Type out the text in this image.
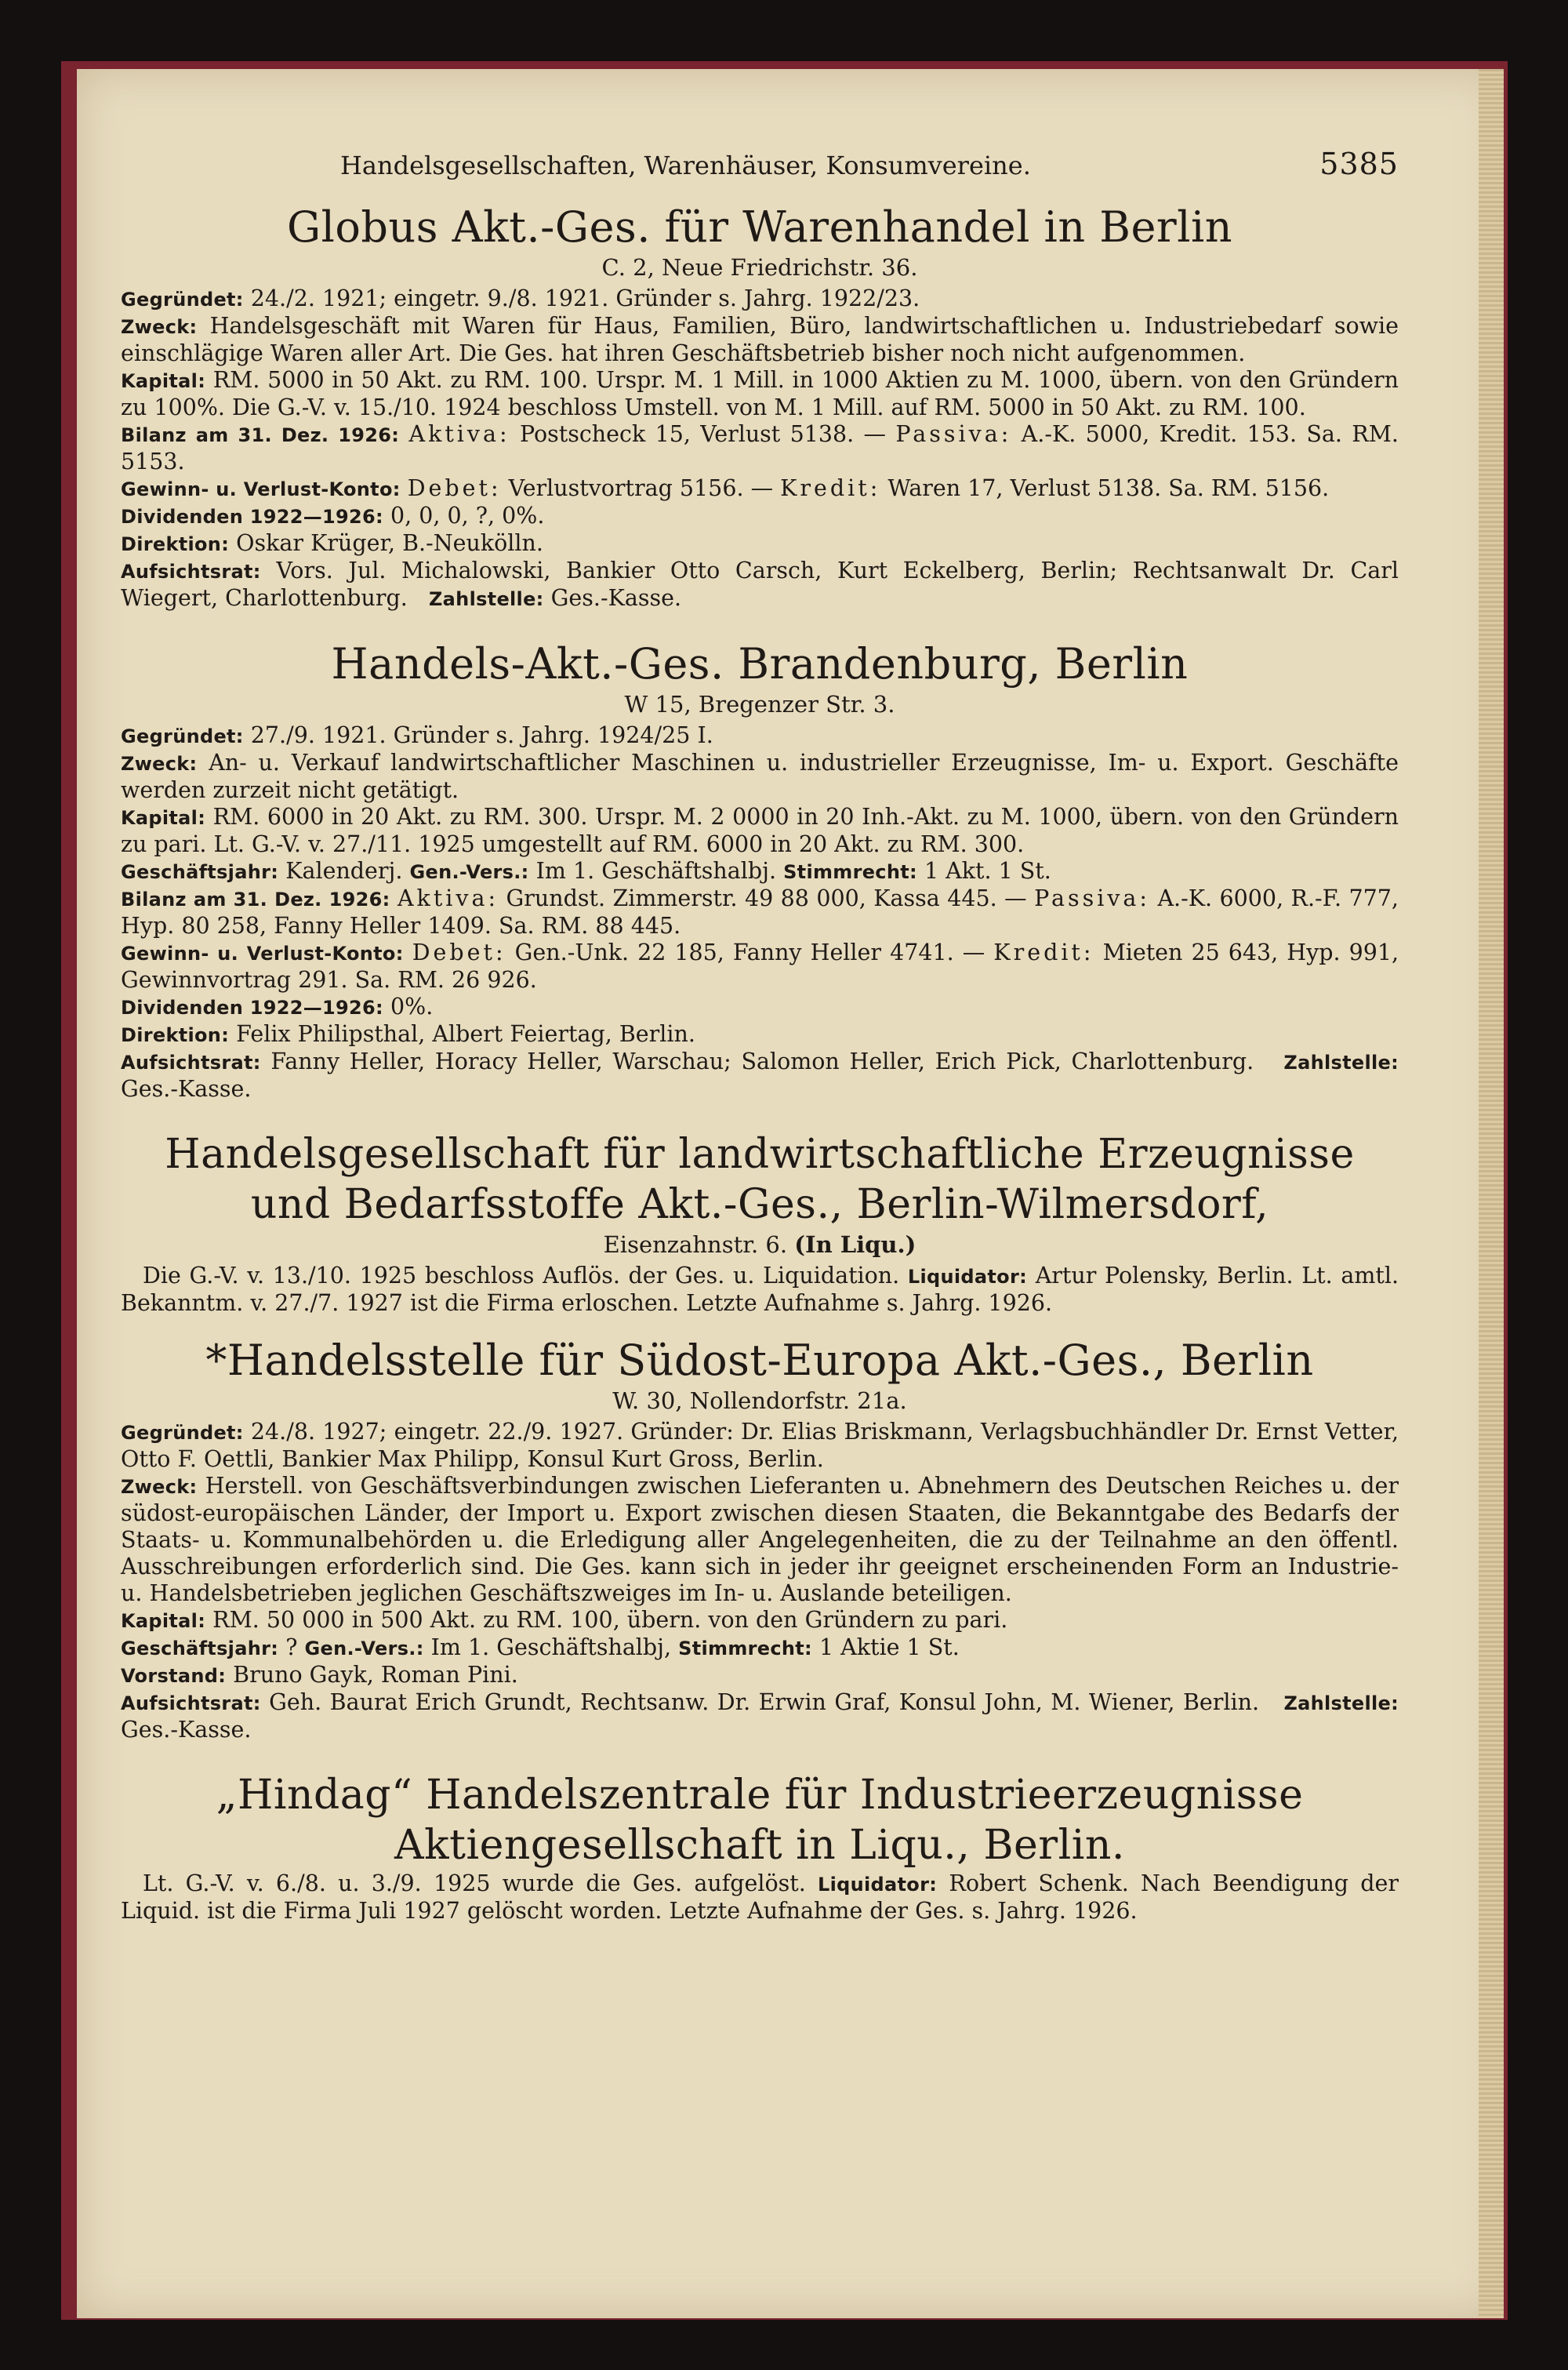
Handelsgesellschaften, Warenhäuser, Konsumvereine.	5385
Globus Akt.-Ges. für Warenhandel in Berlin
C. 2, Neue Friedrichstr. 36.

Gegründet: 24./2. 1921; eingetr. 9./8. 1921. Gründer s. Jahrg. 1922/23.

Zweck: Handelsgeschäft mit Waren für Haus, Familien, Büro, landwirtschaftlichen u. Industriebedarf sowie einschlägige Waren aller Art. Die Ges. hat ihren Geschäftsbetrieb bisher noch nicht aufgenommen.

Kapital: RM. 5000 in 50 Akt. zu RM. 100. Urspr. M. 1 Mill. in 1000 Aktien zu M. 1000, übern. von den Gründern zu 100%. Die G.-V. v. 15./10. 1924 beschloss Umstell. von M. 1 Mill. auf RM. 5000 in 50 Akt. zu RM. 100.

Bilanz am 31. Dez. 1926: Aktiva: Postscheck 15, Verlust 5138. — Passiva: A.-K. 5000, Kredit. 153. Sa. RM. 5153.

Gewinn- u. Verlust-Konto: Debet: Verlustvortrag 5156. — Kredit: Waren 17, Verlust 5138. Sa. RM. 5156.

Dividenden 1922—1926: 0, 0, 0, ?, 0%.

Direktion: Oskar Krüger, B.-Neukölln.

Aufsichtsrat: Vors. Jul. Michalowski, Bankier Otto Carsch, Kurt Eckelberg, Berlin; Rechtsanwalt Dr. Carl Wiegert, Charlottenburg. Zahlstelle: Ges.-Kasse.

Handels-Akt.-Ges. Brandenburg, Berlin
W 15, Bregenzer Str. 3.

Gegründet: 27./9. 1921. Gründer s. Jahrg. 1924/25 I.

Zweck: An- u. Verkauf landwirtschaftlicher Maschinen u. industrieller Erzeugnisse, Im- u. Export. Geschäfte werden zurzeit nicht getätigt.

Kapital: RM. 6000 in 20 Akt. zu RM. 300. Urspr. M. 2 0000 in 20 Inh.-Akt. zu M. 1000, übern. von den Gründern zu pari. Lt. G.-V. v. 27./11. 1925 umgestellt auf RM. 6000 in 20 Akt. zu RM. 300.

Geschäftsjahr: Kalenderj. Gen.-Vers.: Im 1. Geschäftshalbj. Stimmrecht: 1 Akt. 1 St.

Bilanz am 31. Dez. 1926: Aktiva: Grundst. Zimmerstr. 49 88 000, Kassa 445. — Passiva: A.-K. 6000, R.-F. 777, Hyp. 80 258, Fanny Heller 1409. Sa. RM. 88 445.

Gewinn- u. Verlust-Konto: Debet: Gen.-Unk. 22 185, Fanny Heller 4741. — Kredit: Mieten 25 643, Hyp. 991, Gewinnvortrag 291. Sa. RM. 26 926.

Dividenden 1922—1926: 0%.

Direktion: Felix Philipsthal, Albert Feiertag, Berlin.

Aufsichtsrat: Fanny Heller, Horacy Heller, Warschau; Salomon Heller, Erich Pick, Charlottenburg. Zahlstelle: Ges.-Kasse.

Handelsgesellschaft für landwirtschaftliche Erzeugnisse
und Bedarfsstoffe Akt.-Ges., Berlin-Wilmersdorf,
Eisenzahnstr. 6. (In Liqu.)

Die G.-V. v. 13./10. 1925 beschloss Auflös. der Ges. u. Liquidation. Liquidator: Artur Polensky, Berlin. Lt. amtl. Bekanntm. v. 27./7. 1927 ist die Firma erloschen. Letzte Aufnahme s. Jahrg. 1926.

*Handelsstelle für Südost-Europa Akt.-Ges., Berlin
W. 30, Nollendorfstr. 21a.

Gegründet: 24./8. 1927; eingetr. 22./9. 1927. Gründer: Dr. Elias Briskmann, Verlagsbuchhändler Dr. Ernst Vetter, Otto F. Oettli, Bankier Max Philipp, Konsul Kurt Gross, Berlin.

Zweck: Herstell. von Geschäftsverbindungen zwischen Lieferanten u. Abnehmern des Deutschen Reiches u. der südost-europäischen Länder, der Import u. Export zwischen diesen Staaten, die Bekanntgabe des Bedarfs der Staats- u. Kommunalbehörden u. die Erledigung aller Angelegenheiten, die zu der Teilnahme an den öffentl. Ausschreibungen erforderlich sind. Die Ges. kann sich in jeder ihr geeignet erscheinenden Form an Industrie- u. Handelsbetrieben jeglichen Geschäftszweiges im In- u. Auslande beteiligen.

Kapital: RM. 50 000 in 500 Akt. zu RM. 100, übern. von den Gründern zu pari.

Geschäftsjahr: ? Gen.-Vers.: Im 1. Geschäftshalbj, Stimmrecht: 1 Aktie 1 St.

Vorstand: Bruno Gayk, Roman Pini.

Aufsichtsrat: Geh. Baurat Erich Grundt, Rechtsanw. Dr. Erwin Graf, Konsul John, M. Wiener, Berlin. Zahlstelle: Ges.-Kasse.

„Hindag“ Handelszentrale für Industrieerzeugnisse
Aktiengesellschaft in Liqu., Berlin.

Lt. G.-V. v. 6./8. u. 3./9. 1925 wurde die Ges. aufgelöst. Liquidator: Robert Schenk. Nach Beendigung der Liquid. ist die Firma Juli 1927 gelöscht worden. Letzte Aufnahme der Ges. s. Jahrg. 1926.
